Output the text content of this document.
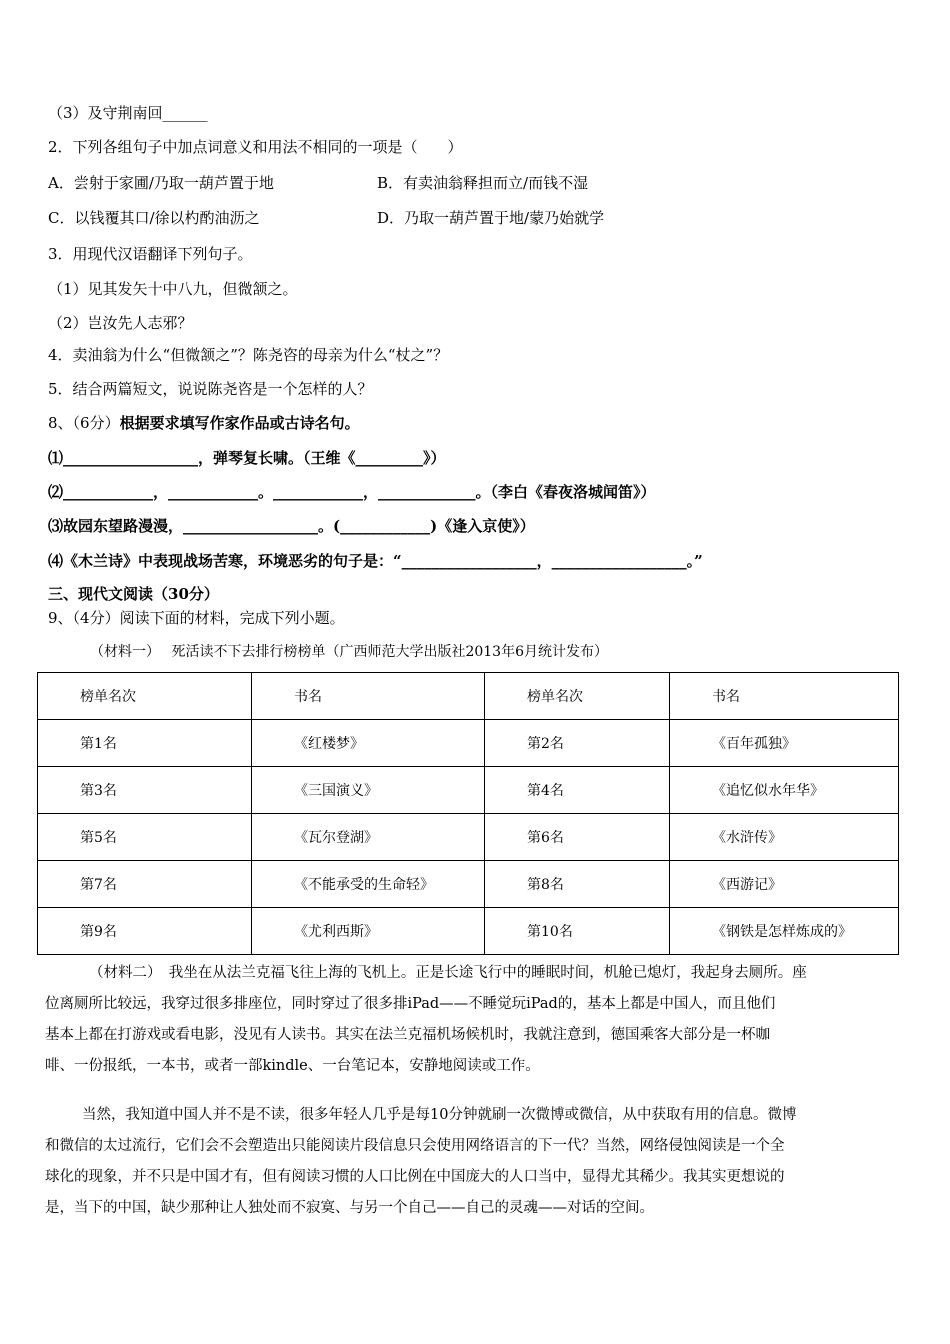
（3）及守荆南回______
2．下列各组句子中加点词意义和用法不相同的一项是（　　）
A．尝射于家圃/乃取一葫芦置于地	B．有卖油翁释担而立/而钱不湿
C．以钱覆其口/徐以杓酌油沥之	D．乃取一葫芦置于地/蒙乃始就学
3．用现代汉语翻译下列句子。
（1）见其发矢十中八九，但微颔之。
（2）岂汝先人志邪？
4．卖油翁为什么“但微颔之”？陈尧咨的母亲为什么“杖之”？
5．结合两篇短文，说说陈尧咨是一个怎样的人？
8、（6分）根据要求填写作家作品或古诗名句。
⑴__________________，弹琴复长啸。（王维《_________》）
⑵____________，____________。____________，_____________。（李白《春夜洛城闻笛》）
⑶故园东望路漫漫，__________________。(____________)《逢入京使》）
⑷《木兰诗》中表现战场苦寒，环境恶劣的句子是：“__________________，__________________。”
三、现代文阅读（30分）
9、（4分）阅读下面的材料，完成下列小题。
（材料一）　 死活读不下去排行榜榜单（广西师范大学出版社2013年6月统计发布）
榜单名次	书名	榜单名次	书名
第1名	《红楼梦》	第2名	《百年孤独》
第3名	《三国演义》	第4名	《追忆似水年华》
第5名	《瓦尔登湖》	第6名	《水浒传》
第7名	《不能承受的生命轻》	第8名	《西游记》
第9名	《尤利西斯》	第10名	《钢铁是怎样炼成的》
（材料二）　我坐在从法兰克福飞往上海的飞机上。正是长途飞行中的睡眠时间，机舱已熄灯，我起身去厕所。座
位离厕所比较远，我穿过很多排座位，同时穿过了很多排iPad——不睡觉玩iPad的，基本上都是中国人，而且他们
基本上都在打游戏或看电影，没见有人读书。其实在法兰克福机场候机时，我就注意到，德国乘客大部分是一杯咖
啡、一份报纸，一本书，或者一部kindle、一台笔记本，安静地阅读或工作。
当然，我知道中国人并不是不读，很多年轻人几乎是每10分钟就刷一次微博或微信，从中获取有用的信息。微博
和微信的太过流行，它们会不会塑造出只能阅读片段信息只会使用网络语言的下一代？当然，网络侵蚀阅读是一个全
球化的现象，并不只是中国才有，但有阅读习惯的人口比例在中国庞大的人口当中，显得尤其稀少。我其实更想说的
是，当下的中国，缺少那种让人独处而不寂寞、与另一个自己——自己的灵魂——对话的空间。
